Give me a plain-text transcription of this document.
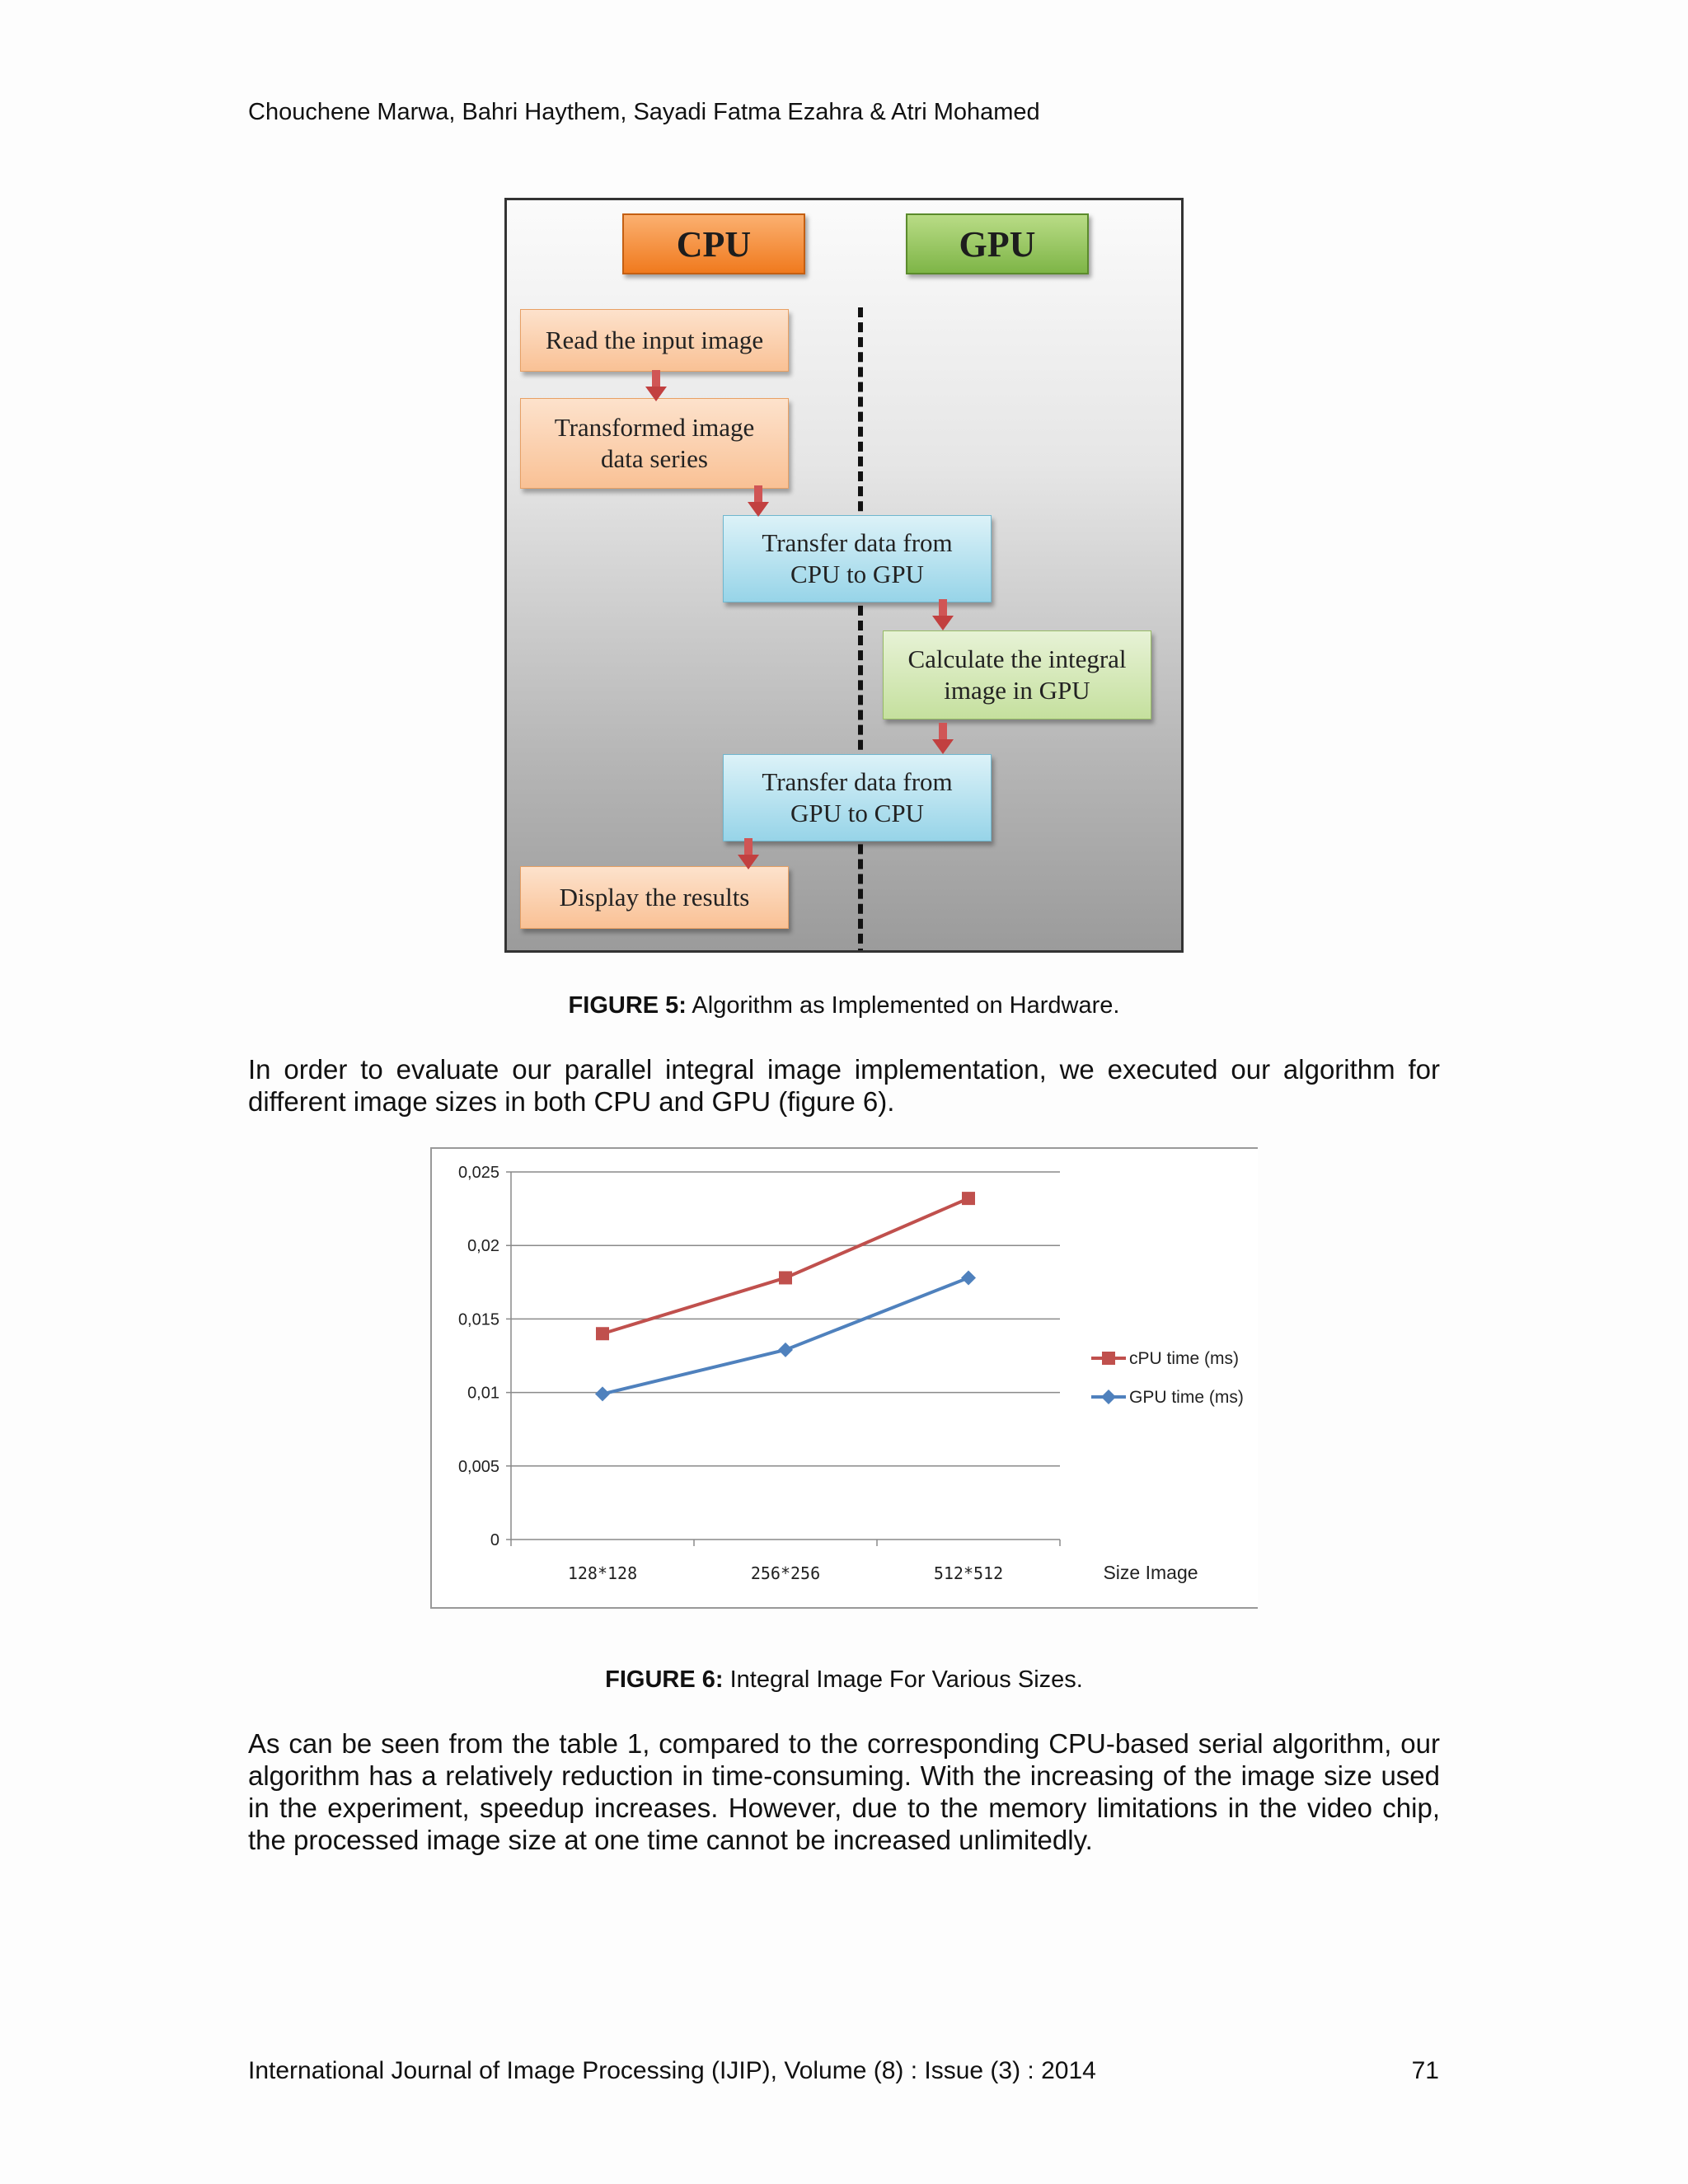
Chouchene Marwa, Bahri Haythem, Sayadi Fatma Ezahra & Atri Mohamed
CPU	GPU
Read the input image
Transformed image
data series
Transfer data from
CPU to GPU
Calculate the integral
image in GPU
Transfer data from
GPU to CPU
Display the results
FIGURE 5: Algorithm as Implemented on Hardware.
In order to evaluate our parallel integral image implementation, we executed our algorithm for different image sizes in both CPU and GPU (figure 6).
0
0,005
0,01
0,015
0,02
0,025
128*128	256*256	512*512	Size Image
cPU time (ms)
GPU time (ms)
FIGURE 6: Integral Image For Various Sizes.
As can be seen from the table 1, compared to the corresponding CPU-based serial algorithm, our algorithm has a relatively reduction in time-consuming. With the increasing of the image size used in the experiment, speedup increases. However, due to the memory limitations in the video chip, the processed image size at one time cannot be increased unlimitedly.
International Journal of Image Processing (IJIP), Volume (8) : Issue (3) : 2014	71
